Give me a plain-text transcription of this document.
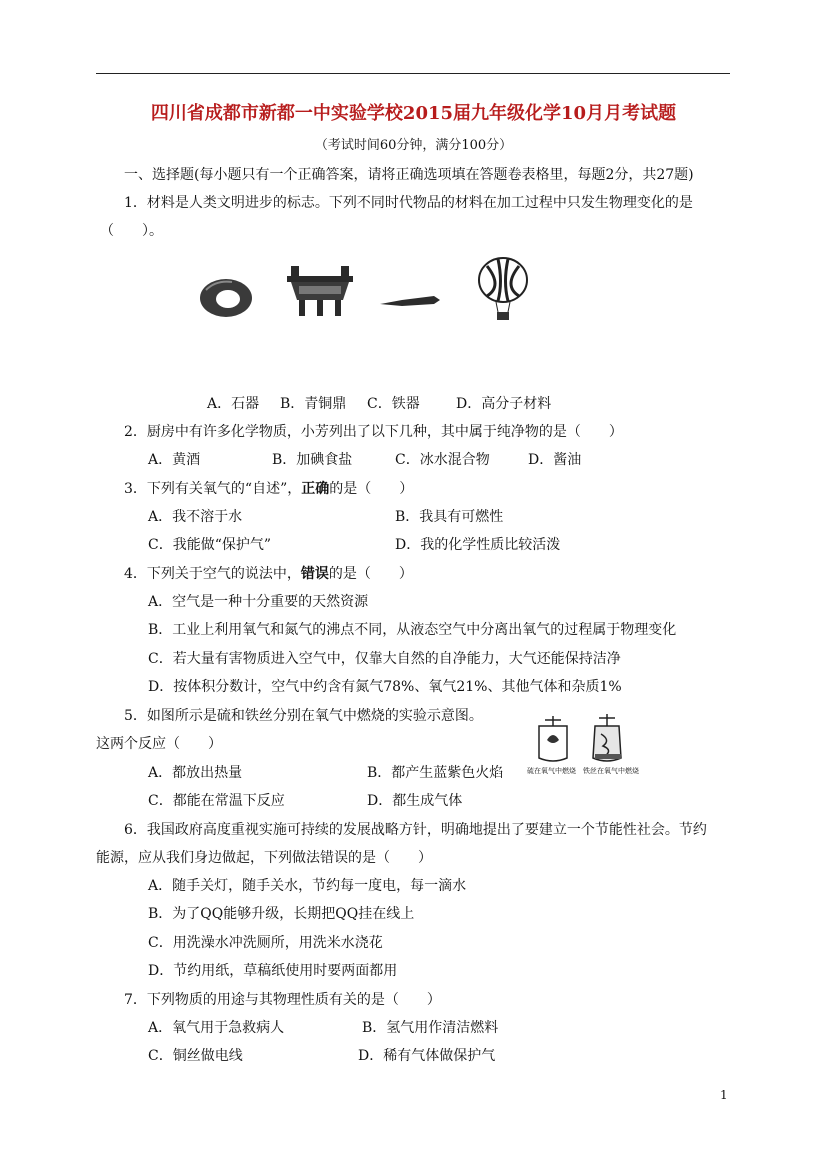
四川省成都市新都一中实验学校2015届九年级化学10月月考试题
（考试时间60分钟，满分100分）
一、选择题(每小题只有一个正确答案，请将正确选项填在答题卷表格里，每题2分，共27题)
1．材料是人类文明进步的标志。下列不同时代物品的材料在加工过程中只发生物理变化的是
（　　）。
A．石器 B．青铜鼎 C．铁器	D．高分子材料
2．厨房中有许多化学物质，小芳列出了以下几种，其中属于纯净物的是（　　）
A．黄酒	B．加碘食盐	C．冰水混合物	D．酱油
3．下列有关氧气的“自述”，正确的是（　　）
A．我不溶于水	B．我具有可燃性
C．我能做“保护气”	D．我的化学性质比较活泼
4．下列关于空气的说法中，错误的是（　　）
A．空气是一种十分重要的天然资源
B．工业上利用氧气和氮气的沸点不同，从液态空气中分离出氧气的过程属于物理变化
C．若大量有害物质进入空气中，仅靠大自然的自净能力，大气还能保持洁净
D．按体积分数计，空气中约含有氮气78%、氧气21%、其他气体和杂质1%
5．如图所示是硫和铁丝分别在氧气中燃烧的实验示意图。
这两个反应（　　）
硫在氧气中燃烧 铁丝在氧气中燃烧
A．都放出热量	B．都产生蓝紫色火焰
C．都能在常温下反应	D．都生成气体
6．我国政府高度重视实施可持续的发展战略方针，明确地提出了要建立一个节能性社会。节约
能源，应从我们身边做起，下列做法错误的是（　　）
A．随手关灯，随手关水，节约每一度电，每一滴水
B．为了QQ能够升级，长期把QQ挂在线上
C．用洗澡水冲洗厕所，用洗米水浇花
D．节约用纸，草稿纸使用时要两面都用
7．下列物质的用途与其物理性质有关的是（　　）
A．氧气用于急救病人	B．氢气用作清洁燃料
C．铜丝做电线	D．稀有气体做保护气
1
